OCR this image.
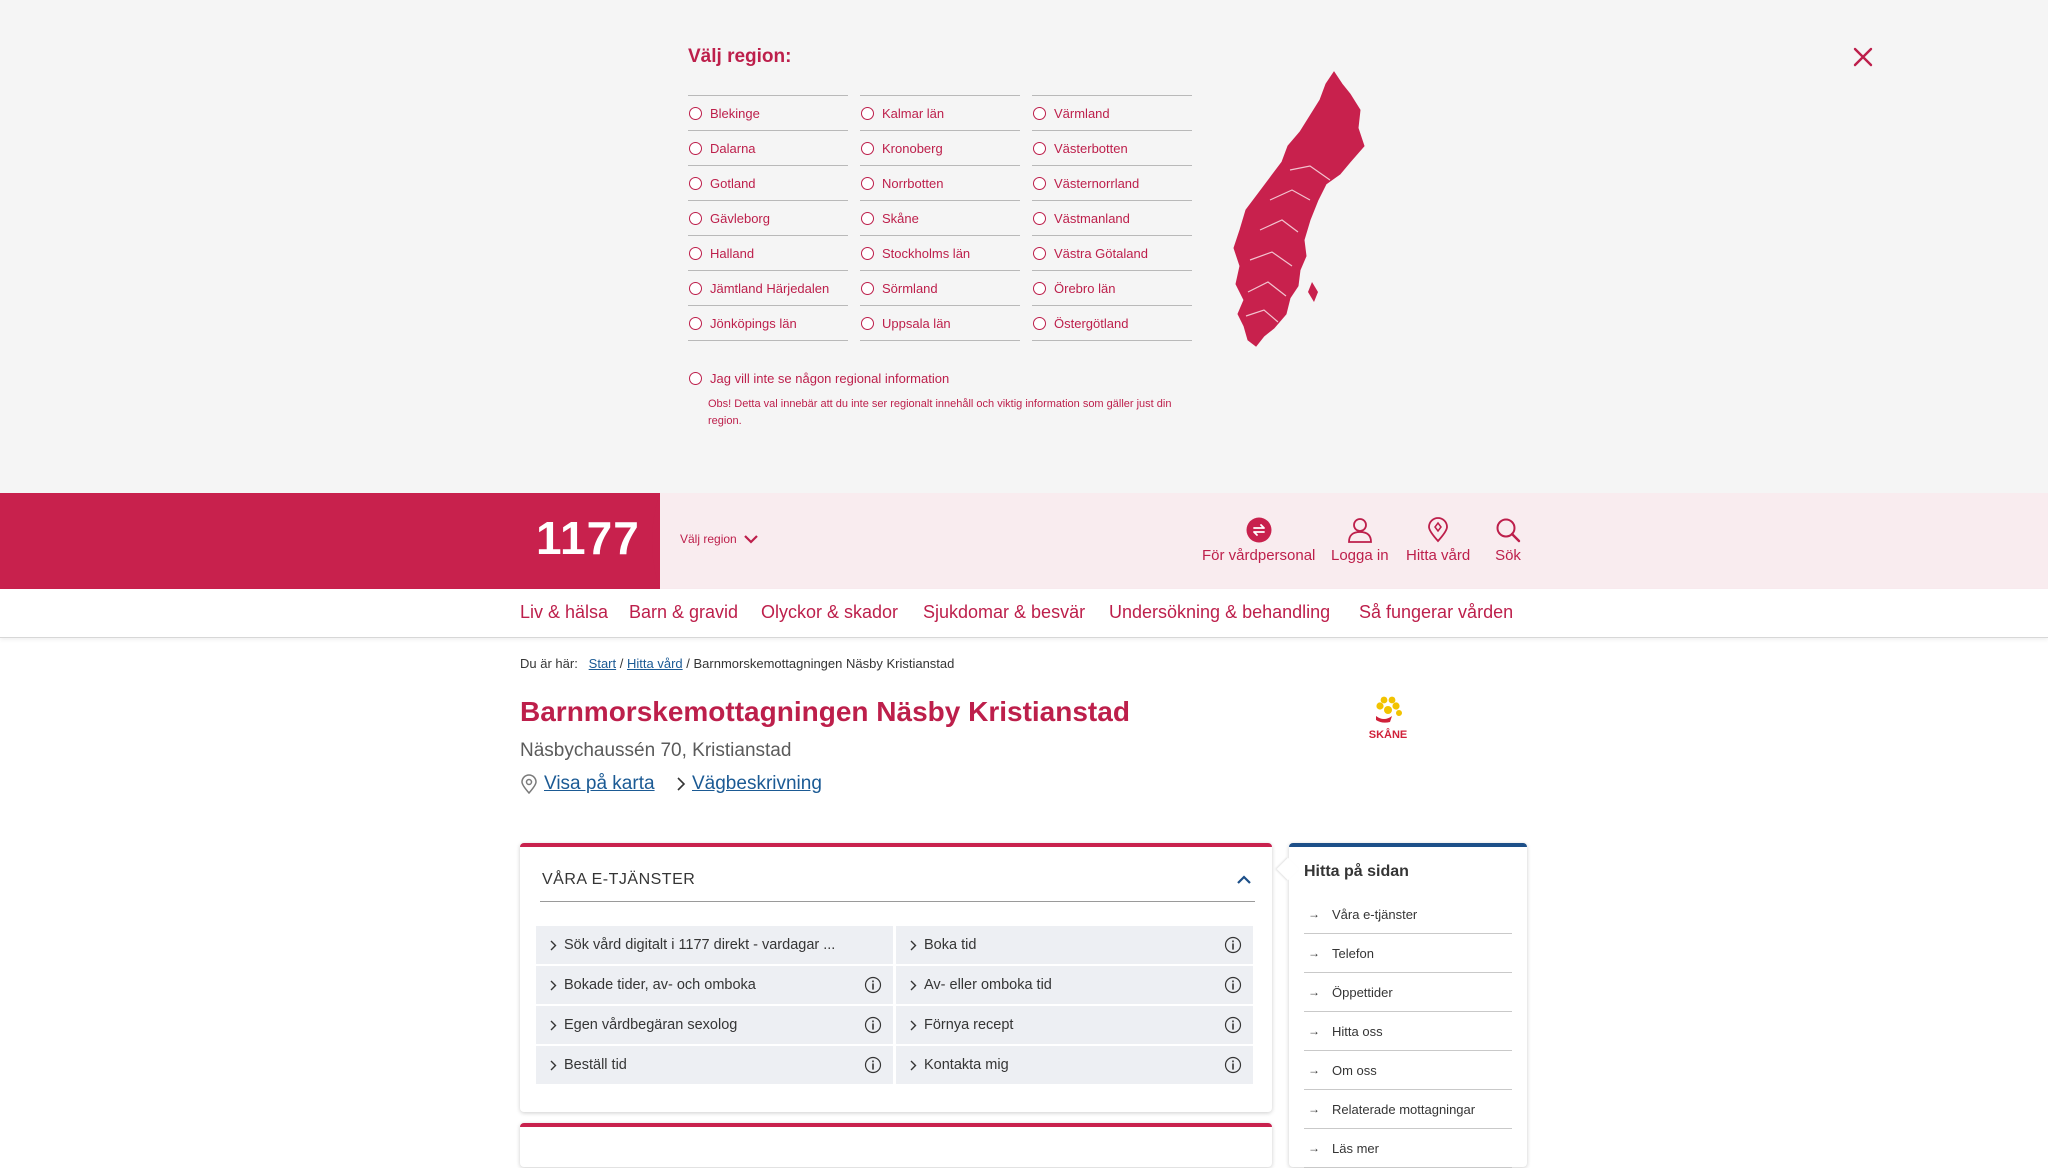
Välj region:
Blekinge
Dalarna
Gotland
Gävleborg
Halland
Jämtland Härjedalen
Jönköpings län
Kalmar län
Kronoberg
Norrbotten
Skåne
Stockholms län
Sörmland
Uppsala län
Värmland
Västerbotten
Västernorrland
Västmanland
Västra Götaland
Örebro län
Östergötland
Jag vill inte se någon regional information
Obs! Detta val innebär att du inte ser regionalt innehåll och viktig information som gäller just din region.
1177	Välj region
För vårdpersonal Logga in Hitta vård Sök
Liv & hälsa Barn & gravid Olyckor & skador Sjukdomar & besvär Undersökning & behandling Så fungerar vården
Du är här: Start / Hitta vård / Barnmorskemottagningen Näsby Kristianstad
Barnmorskemottagningen Näsby Kristianstad
Näsbychaussén 70, Kristianstad
Visa på karta Vägbeskrivning
SKÅNE
VÅRA E-TJÄNSTER
Sök vård digitalt i 1177 direkt - vardagar ...
Bokade tider, av- och omboka
Egen vårdbegäran sexolog
Beställ tid
Boka tid
Av- eller omboka tid
Förnya recept
Kontakta mig
Hitta på sidan
→ Våra e-tjänster
→ Telefon
→ Öppettider
→ Hitta oss
→ Om oss
→ Relaterade mottagningar
→ Läs mer
